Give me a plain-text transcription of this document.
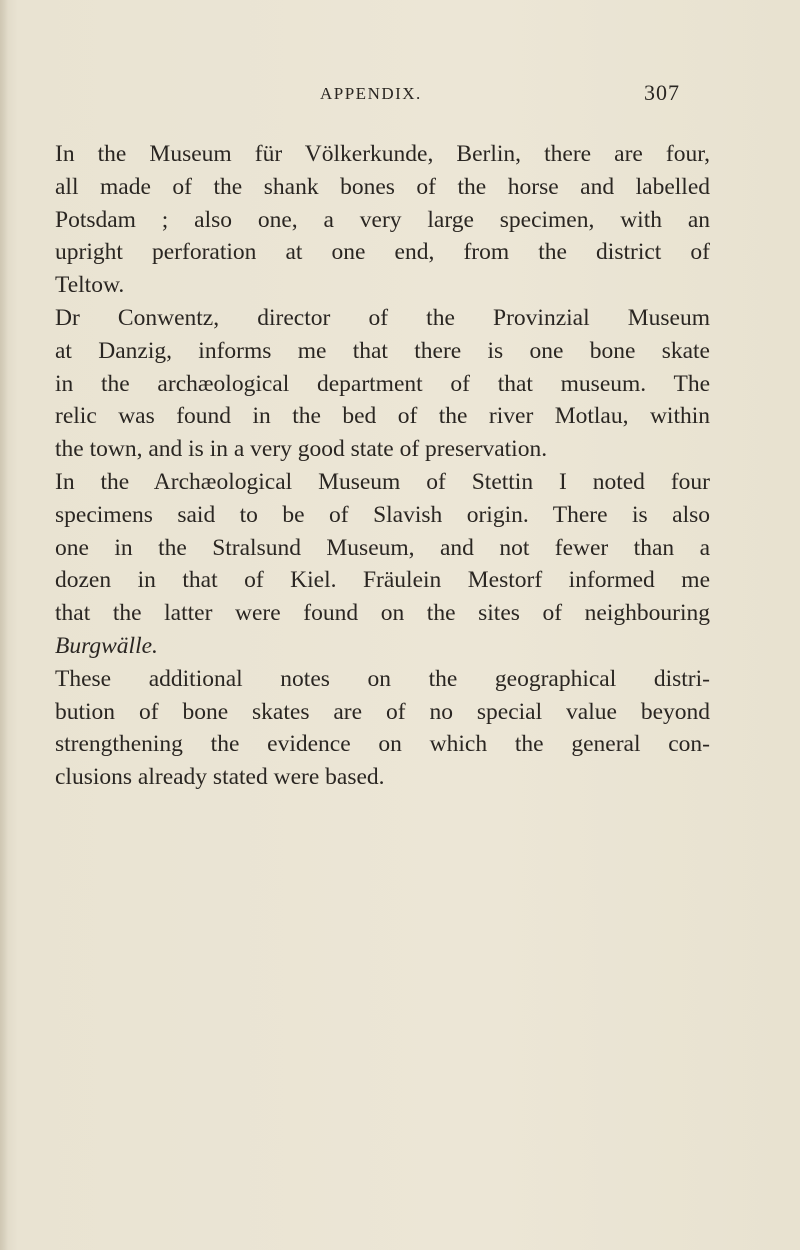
APPENDIX.	307
In the Museum für Völkerkunde, Berlin, there are four,
all made of the shank bones of the horse and labelled
Potsdam ; also one, a very large specimen, with an
upright perforation at one end, from the district of
Teltow.
Dr Conwentz, director of the Provinzial Museum
at Danzig, informs me that there is one bone skate
in the archæological department of that museum. The
relic was found in the bed of the river Motlau, within
the town, and is in a very good state of preservation.
In the Archæological Museum of Stettin I noted four
specimens said to be of Slavish origin. There is also
one in the Stralsund Museum, and not fewer than a
dozen in that of Kiel. Fräulein Mestorf informed me
that the latter were found on the sites of neighbouring
Burgwälle.
These additional notes on the geographical distri-
bution of bone skates are of no special value beyond
strengthening the evidence on which the general con-
clusions already stated were based.
